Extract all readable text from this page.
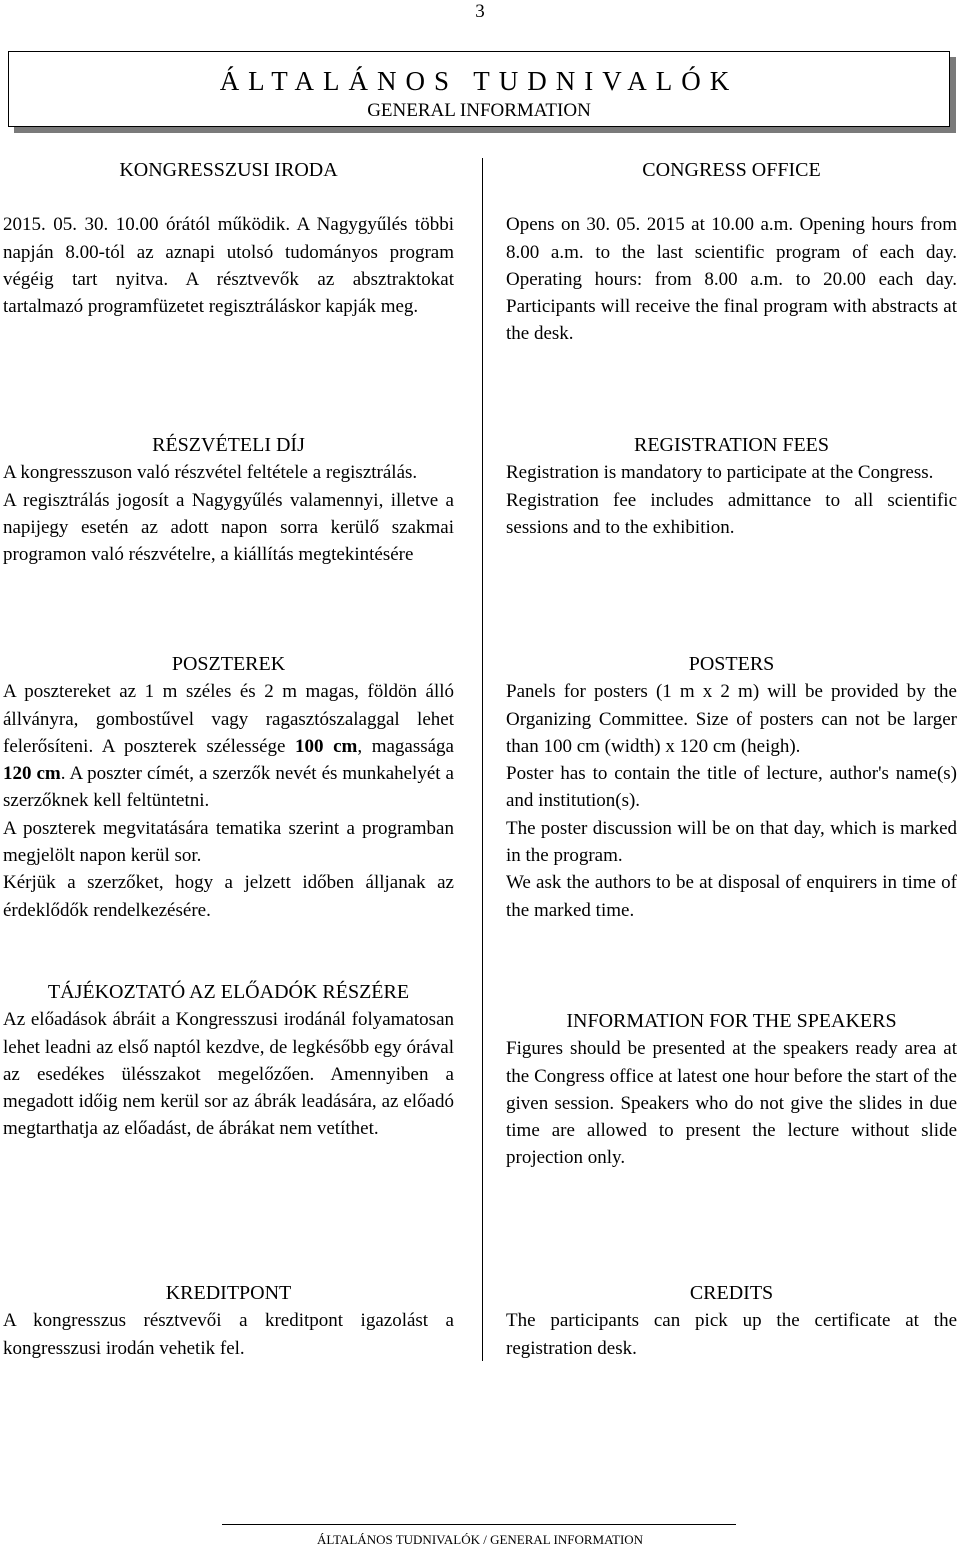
3
ÁLTALÁNOS TUDNIVALÓK
GENERAL INFORMATION
KONGRESSZUSI IRODA

2015. 05. 30. 10.00 órától működik. A Nagygyűlés többi napján 8.00-tól az aznapi utolsó tudományos program végéig tart nyitva. A résztvevők az absztraktokat tartalmazó programfüzetet regisztráláskor kapják meg.

RÉSZVÉTELI DÍJ

A kongresszuson való részvétel feltétele a regisztrálás.

A regisztrálás jogosít a Nagygyűlés valamennyi, illetve a napijegy esetén az adott napon sorra kerülő szakmai programon való részvételre, a kiállítás megtekintésére

POSZTEREK

A posztereket az 1 m széles és 2 m magas, földön álló állványra, gombostűvel vagy ragasztószalaggal lehet felerősíteni. A poszterek szélessége 100 cm, magassága 120 cm. A poszter címét, a szerzők nevét és munkahelyét a szerzőknek kell feltüntetni.

A poszterek megvitatására tematika szerint a programban megjelölt napon kerül sor.

Kérjük a szerzőket, hogy a jelzett időben álljanak az érdeklődők rendelkezésére.

TÁJÉKOZTATÓ AZ ELŐADÓK RÉSZÉRE

Az előadások ábráit a Kongresszusi irodánál folyamatosan lehet leadni az első naptól kezdve, de legkésőbb egy órával az esedékes ülésszakot megelőzően. Amennyiben a megadott időig nem kerül sor az ábrák leadására, az előadó megtarthatja az előadást, de ábrákat nem vetíthet.

KREDITPONT

A kongresszus résztvevői a kreditpont igazolást a kongresszusi irodán vehetik fel.

CONGRESS OFFICE

Opens on 30. 05. 2015 at 10.00 a.m. Opening hours from 8.00 a.m. to the last scientific program of each day. Operating hours: from 8.00 a.m. to 20.00 each day. Participants will receive the final program with abstracts at the desk.

REGISTRATION FEES

Registration is mandatory to participate at the Congress.

Registration fee includes admittance to all scientific sessions and to the exhibition.

POSTERS

Panels for posters (1 m x 2 m) will be provided by the Organizing Committee. Size of posters can not be larger than 100 cm (width) x 120 cm (heigh).

Poster has to contain the title of lecture, author's name(s) and institution(s).

The poster discussion will be on that day, which is marked in the program.

We ask the authors to be at disposal of enquirers in time of the marked time.

INFORMATION FOR THE SPEAKERS

Figures should be presented at the speakers ready area at the Congress office at latest one hour before the start of the given session. Speakers who do not give the slides in due time are allowed to present the lecture without slide projection only.

CREDITS

The participants can pick up the certificate at the registration desk.

ÁLTALÁNOS TUDNIVALÓK / GENERAL INFORMATION
